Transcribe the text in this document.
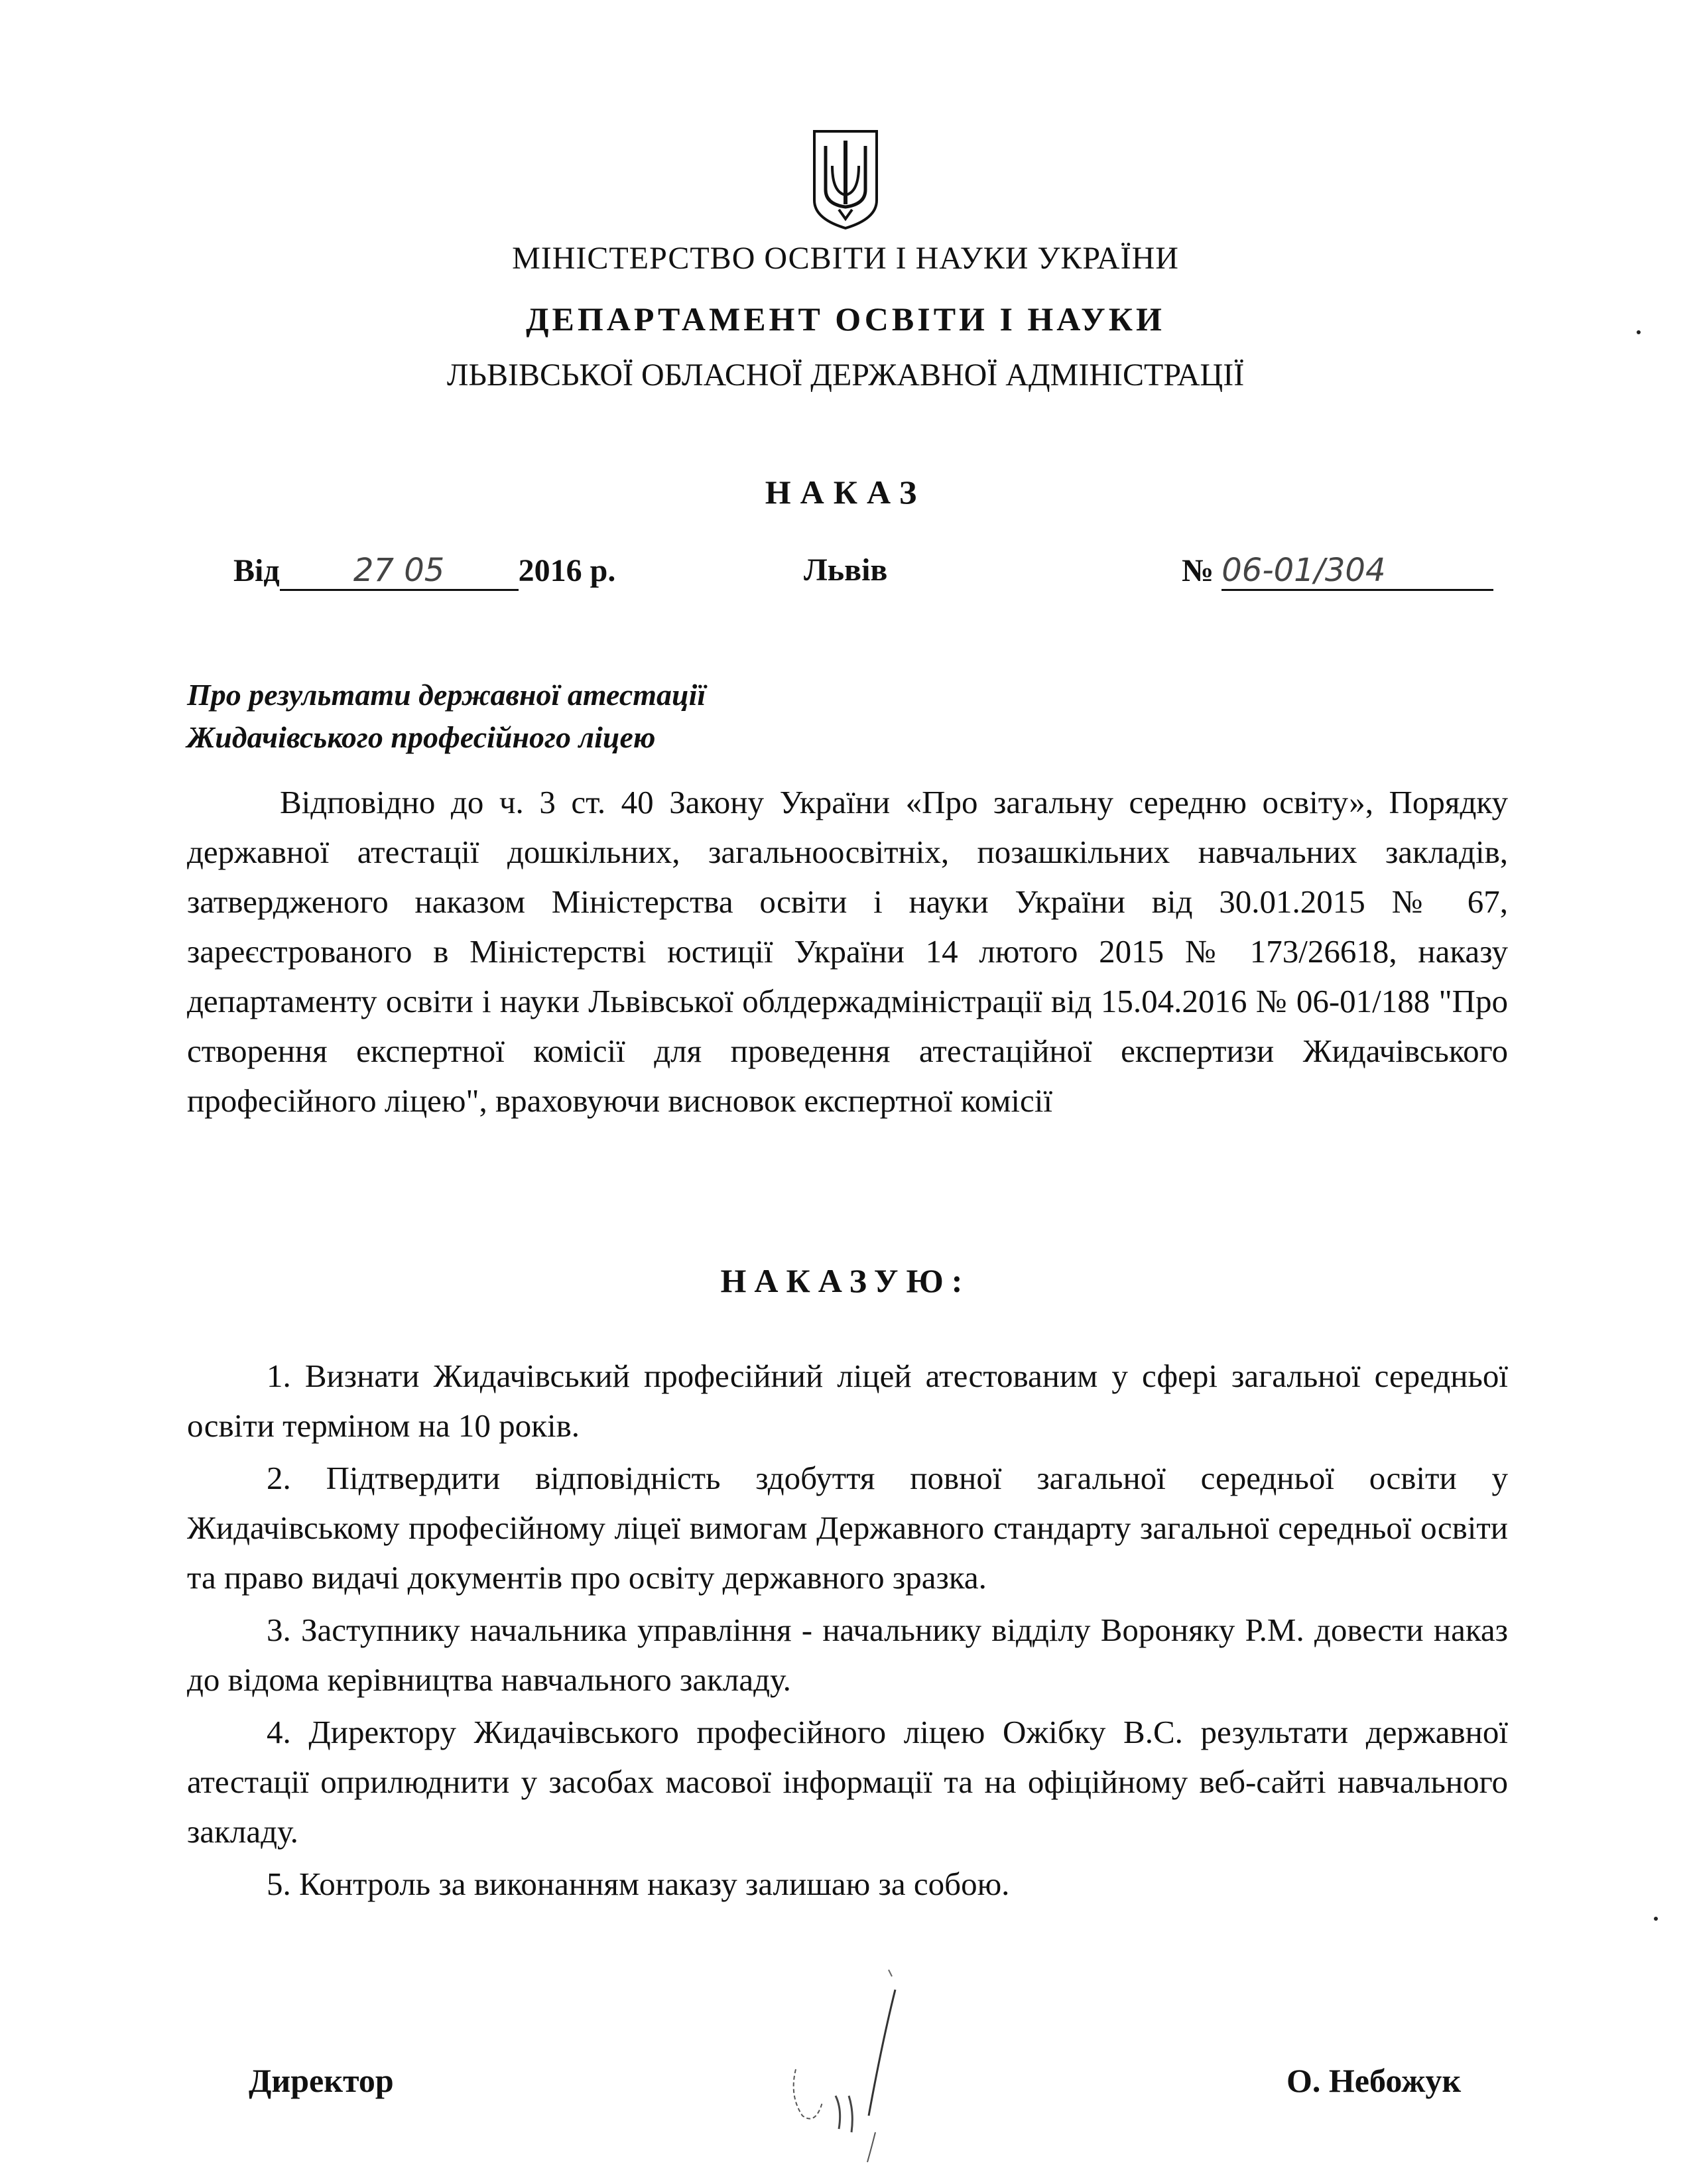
МІНІСТЕРСТВО ОСВІТИ І НАУКИ УКРАЇНИ
ДЕПАРТАМЕНТ ОСВІТИ І НАУКИ
ЛЬВІВСЬКОЇ ОБЛАСНОЇ ДЕРЖАВНОЇ АДМІНІСТРАЦІЇ
НАКАЗ
Від 27 05 2016 р.	Львів	№ 06-01/304
Про результати державної атестації
Жидачівського професійного ліцею
Відповідно до ч. 3 ст. 40 Закону України «Про загальну середню освіту», Порядку державної атестації дошкільних, загальноосвітніх, позашкільних навчальних закладів, затвердженого наказом Міністерства освіти і науки України від 30.01.2015 № 67, зареєстрованого в Міністерстві юстиції України 14 лютого 2015 № 173/26618, наказу департаменту освіти і науки Львівської облдержадміністрації від 15.04.2016 № 06-01/188 "Про створення експертної комісії для проведення атестаційної експертизи Жидачівського професійного ліцею", враховуючи висновок експертної комісії
НАКАЗУЮ:

1. Визнати Жидачівський професійний ліцей атестованим у сфері загальної середньої освіти терміном на 10 років.

2. Підтвердити відповідність здобуття повної загальної середньої освіти у Жидачівському професійному ліцеї вимогам Державного стандарту загальної середньої освіти та право видачі документів про освіту державного зразка.

3. Заступнику начальника управління - начальнику відділу Вороняку Р.М. довести наказ до відома керівництва навчального закладу.

4. Директору Жидачівського професійного ліцею Ожібку В.С. результати державної атестації оприлюднити у засобах масової інформації та на офіційному веб-сайті навчального закладу.

5. Контроль за виконанням наказу залишаю за собою.

Директор	О. Небожук
